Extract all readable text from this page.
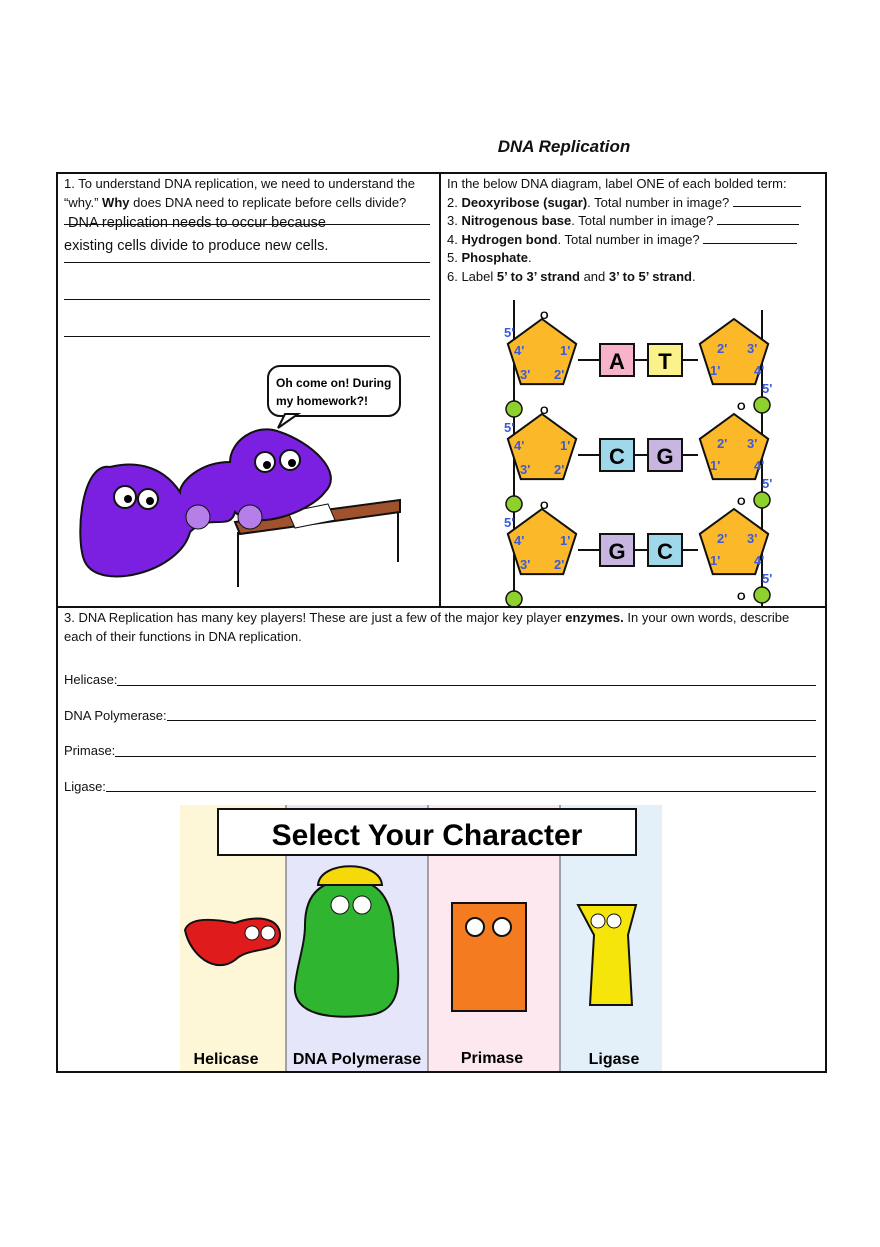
DNA Replication
1. To understand DNA replication, we need to understand the “why.” Why does DNA need to replicate before cells divide?
DNA replication needs to occur because
existing cells divide to produce new cells.
Oh come on! During
my homework?!
In the below DNA diagram, label ONE of each bolded term:
2. Deoxyribose (sugar). Total number in image?
3. Nitrogenous base. Total number in image?
4. Hydrogen bond. Total number in image?
5. Phosphate.
6. Label 5’ to 3’ strand and 3’ to 5’ strand.
5'
4'	1'
3' 2'
2' 3'
1'	4'
5'
A T
O
O
5'
4'	1'
3' 2'
2' 3'
1'	4'
5'
C G
O
O
5'
4'	1'
3' 2'
2' 3'
1'	4'
5'
G C
O
O
3. DNA Replication has many key players! These are just a few of the major key player enzymes. In your own words, describe each of their functions in DNA replication.
Helicase:
DNA Polymerase:
Primase:
Ligase:
Select Your Character
Helicase DNA Polymerase Primase	Ligase
